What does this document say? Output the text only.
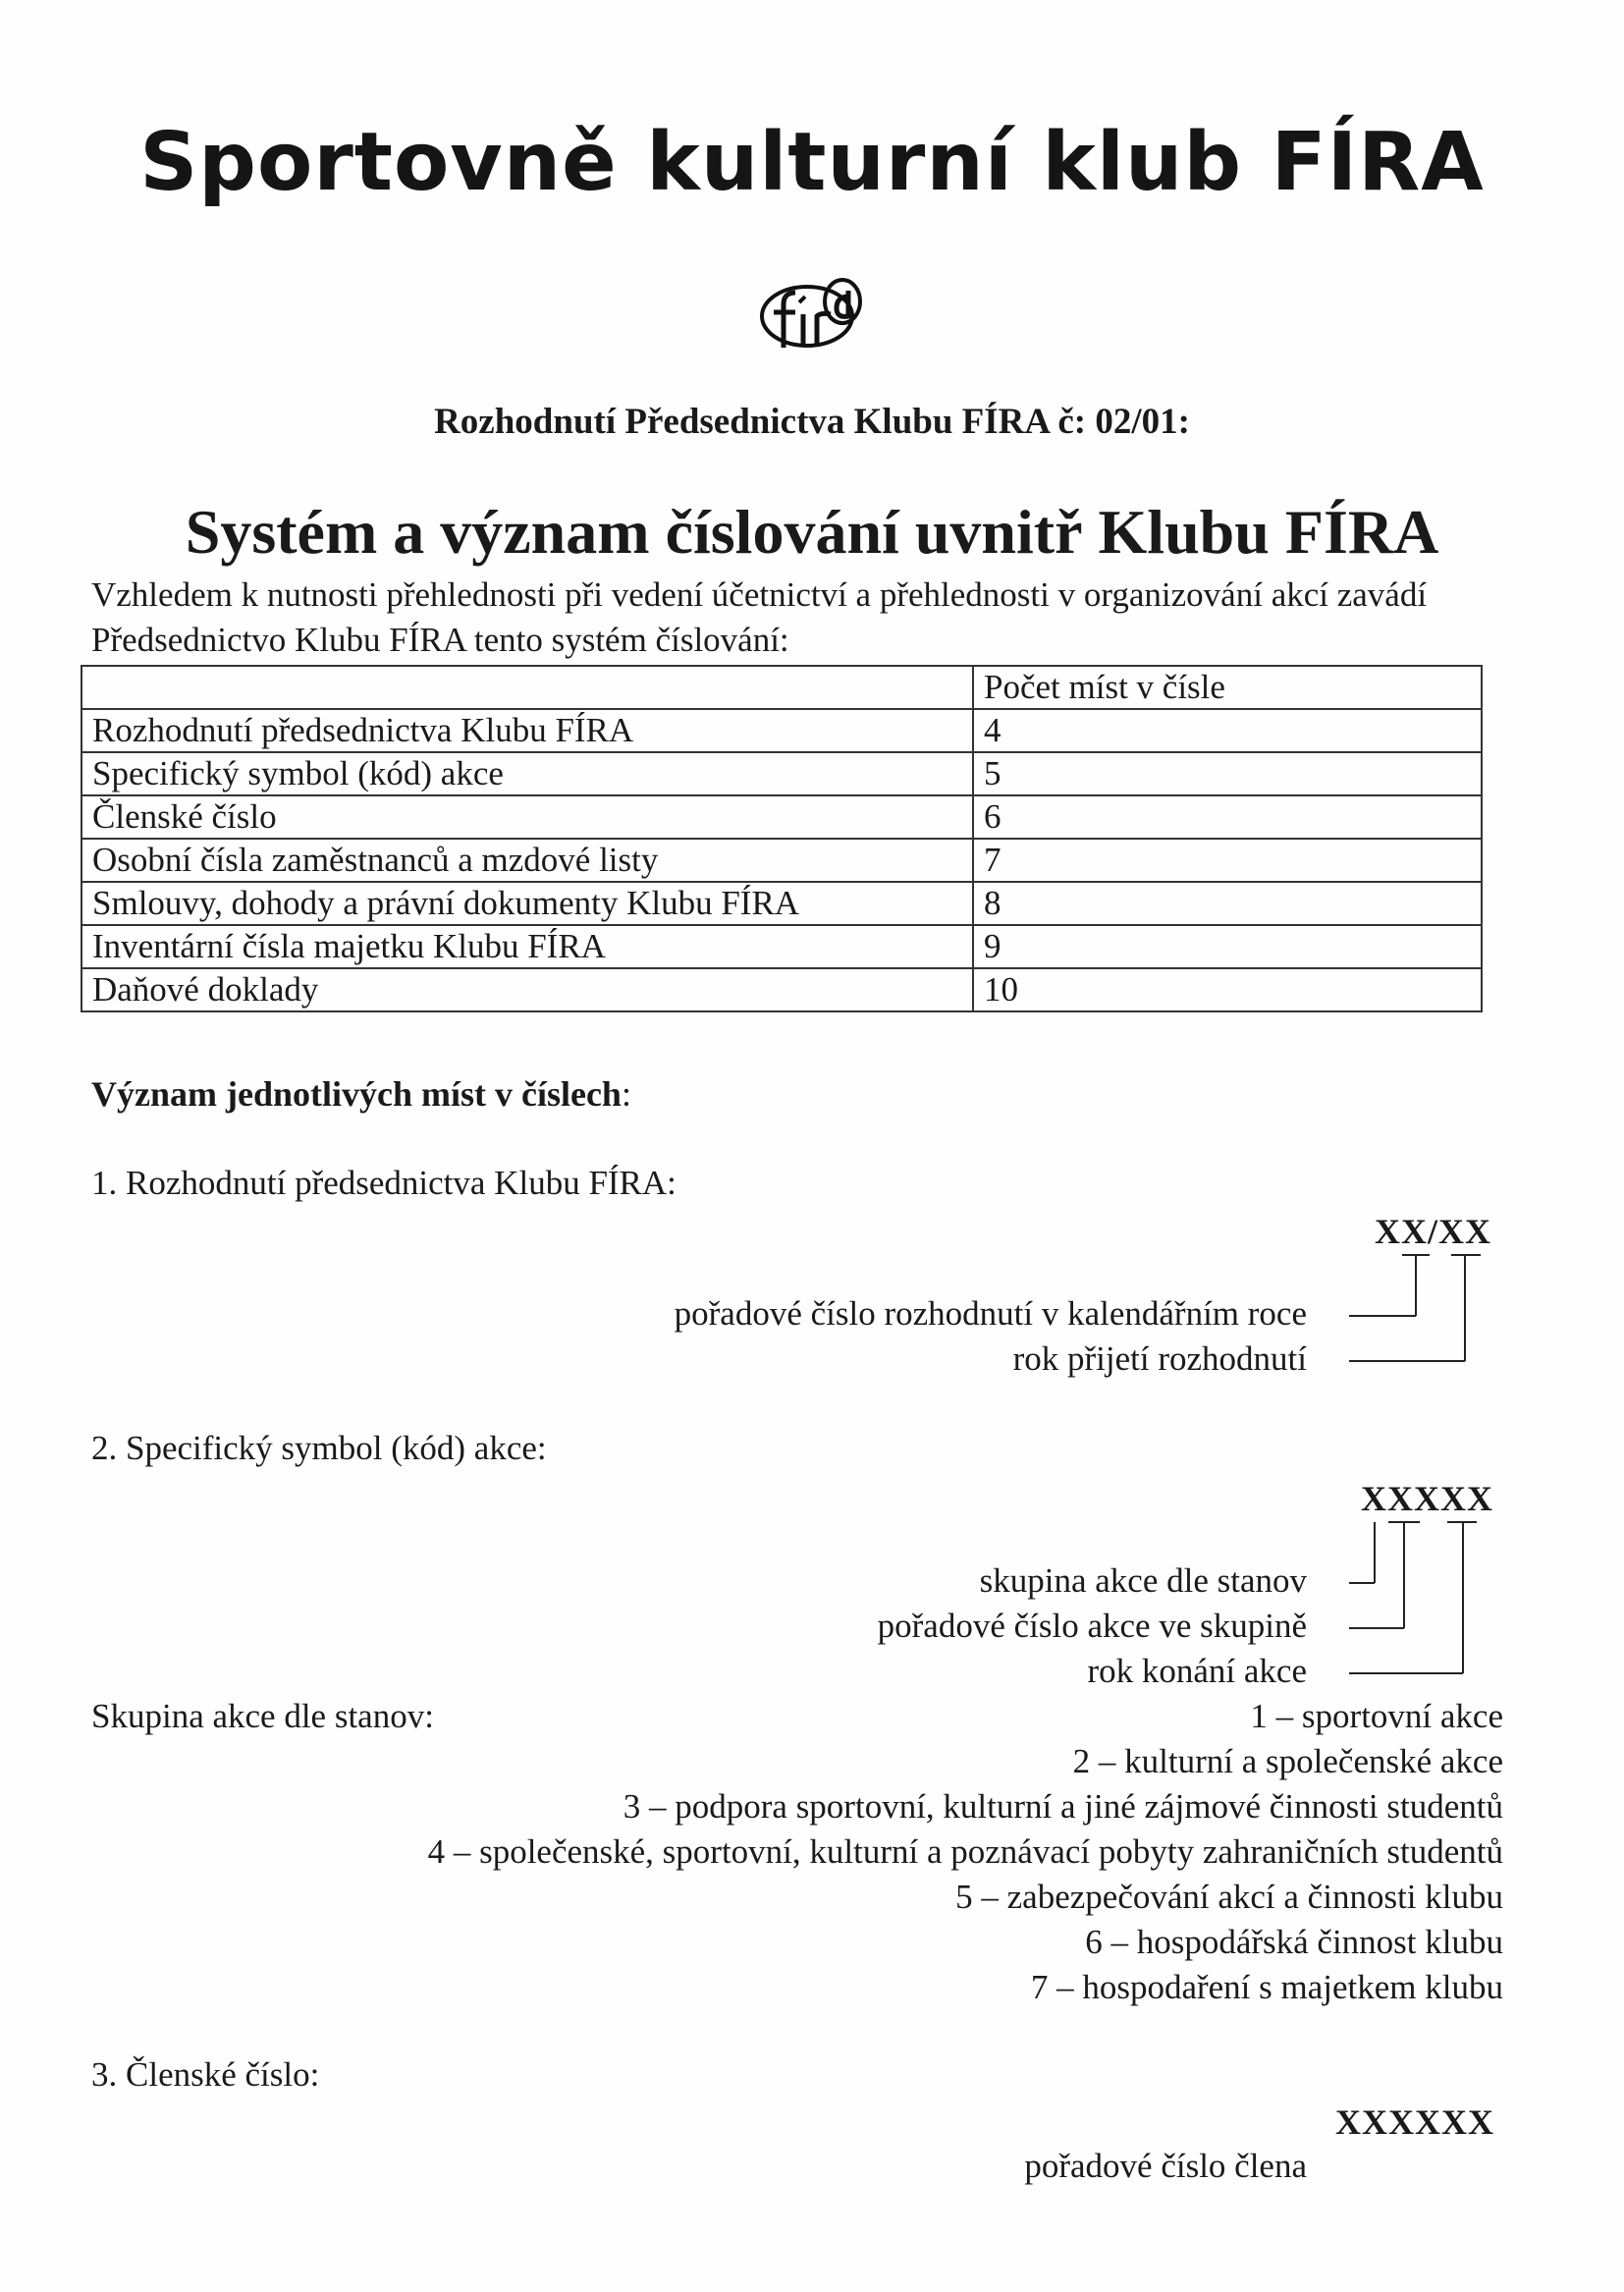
Sportovně kulturní klub FÍRA
Rozhodnutí Předsednictva Klubu FÍRA č: 02/01:
Systém a význam číslování uvnitř Klubu FÍRA
Vzhledem k nutnosti přehlednosti při vedení účetnictví a přehlednosti v organizování akcí zavádí Předsednictvo Klubu FÍRA tento systém číslování:
	Počet míst v čísle
Rozhodnutí předsednictva Klubu FÍRA	4
Specifický symbol (kód) akce	5
Členské číslo	6
Osobní čísla zaměstnanců a mzdové listy	7
Smlouvy, dohody a právní dokumenty Klubu FÍRA	8
Inventární čísla majetku Klubu FÍRA	9
Daňové doklady	10
Význam jednotlivých míst v číslech:
1. Rozhodnutí předsednictva Klubu FÍRA:
XX/XX
pořadové číslo rozhodnutí v kalendářním roce
rok přijetí rozhodnutí
2. Specifický symbol (kód) akce:
XXXXX
skupina akce dle stanov
pořadové číslo akce ve skupině
rok konání akce
Skupina akce dle stanov:	1 – sportovní akce
2 – kulturní a společenské akce
3 – podpora sportovní, kulturní a jiné zájmové činnosti studentů
4 – společenské, sportovní, kulturní a poznávací pobyty zahraničních studentů
5 – zabezpečování akcí a činnosti klubu
6 – hospodářská činnost klubu
7 – hospodaření s majetkem klubu
3. Členské číslo:
XXXXXX
pořadové číslo člena
